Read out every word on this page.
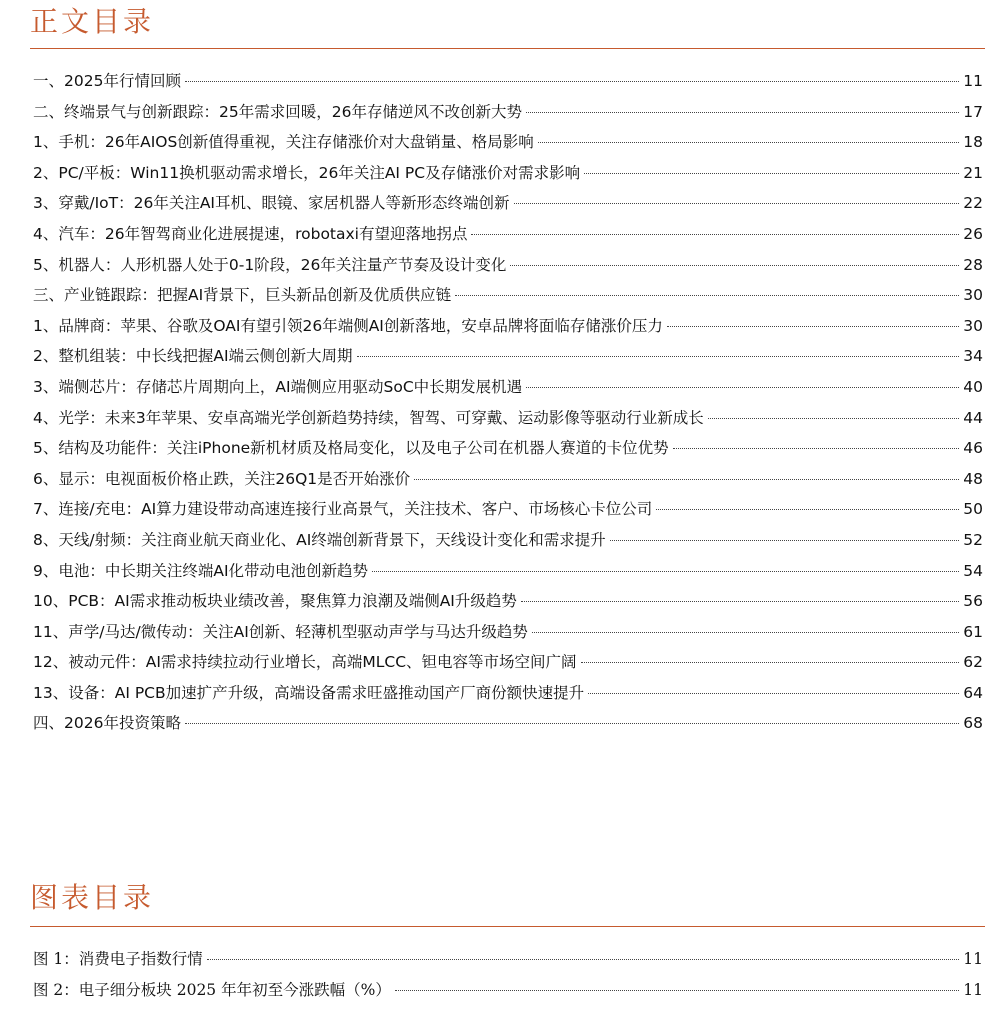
正文目录
一、2025年行情回顾	11
二、终端景气与创新跟踪：25年需求回暖，26年存储逆风不改创新大势	17
1、手机：26年AIOS创新值得重视，关注存储涨价对大盘销量、格局影响	18
2、PC/平板：Win11换机驱动需求增长，26年关注AI PC及存储涨价对需求影响	21
3、穿戴/IoT：26年关注AI耳机、眼镜、家居机器人等新形态终端创新	22
4、汽车：26年智驾商业化进展提速，robotaxi有望迎落地拐点	26
5、机器人：人形机器人处于0-1阶段，26年关注量产节奏及设计变化	28
三、产业链跟踪：把握AI背景下，巨头新品创新及优质供应链	30
1、品牌商：苹果、谷歌及OAI有望引领26年端侧AI创新落地，安卓品牌将面临存储涨价压力	30
2、整机组装：中长线把握AI端云侧创新大周期	34
3、端侧芯片：存储芯片周期向上，AI端侧应用驱动SoC中长期发展机遇	40
4、光学：未来3年苹果、安卓高端光学创新趋势持续，智驾、可穿戴、运动影像等驱动行业新成长	44
5、结构及功能件：关注iPhone新机材质及格局变化，以及电子公司在机器人赛道的卡位优势	46
6、显示：电视面板价格止跌，关注26Q1是否开始涨价	48
7、连接/充电：AI算力建设带动高速连接行业高景气，关注技术、客户、市场核心卡位公司	50
8、天线/射频：关注商业航天商业化、AI终端创新背景下，天线设计变化和需求提升	52
9、电池：中长期关注终端AI化带动电池创新趋势	54
10、PCB：AI需求推动板块业绩改善，聚焦算力浪潮及端侧AI升级趋势	56
11、声学/马达/微传动：关注AI创新、轻薄机型驱动声学与马达升级趋势	61
12、被动元件：AI需求持续拉动行业增长，高端MLCC、钽电容等市场空间广阔	62
13、设备：AI PCB加速扩产升级，高端设备需求旺盛推动国产厂商份额快速提升	64
四、2026年投资策略	68
图表目录
图 1：消费电子指数行情	11
图 2：电子细分板块 2025 年年初至今涨跌幅（%）	11
